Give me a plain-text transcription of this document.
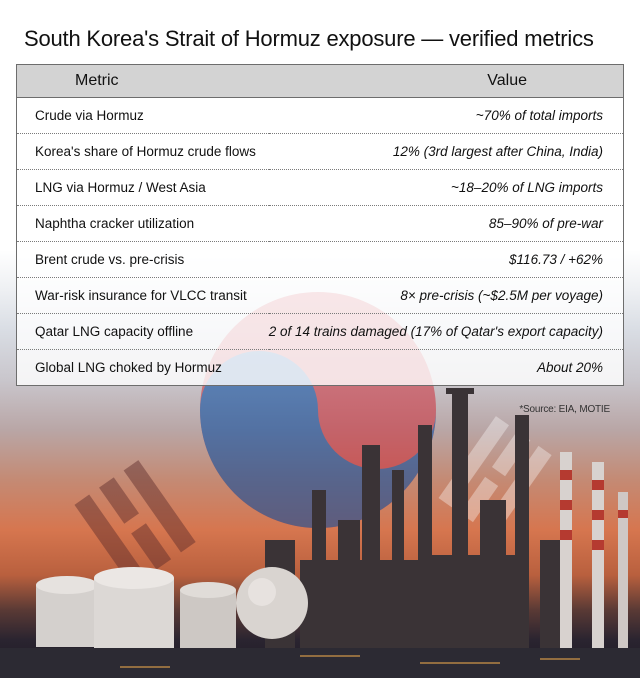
South Korea's Strait of Hormuz exposure — verified metrics
Metric	Value
Crude via Hormuz	~70% of total imports
Korea's share of Hormuz crude flows	12% (3rd largest after China, India)
LNG via Hormuz / West Asia	~18–20% of LNG imports
Naphtha cracker utilization	85–90% of pre-war
Brent crude vs. pre-crisis	$116.73 / +62%
War-risk insurance for VLCC transit	8× pre-crisis (~$2.5M per voyage)
Qatar LNG capacity offline	2 of 14 trains damaged (17% of Qatar's export capacity)
Global LNG choked by Hormuz	About 20%
*Source: EIA, MOTIE
